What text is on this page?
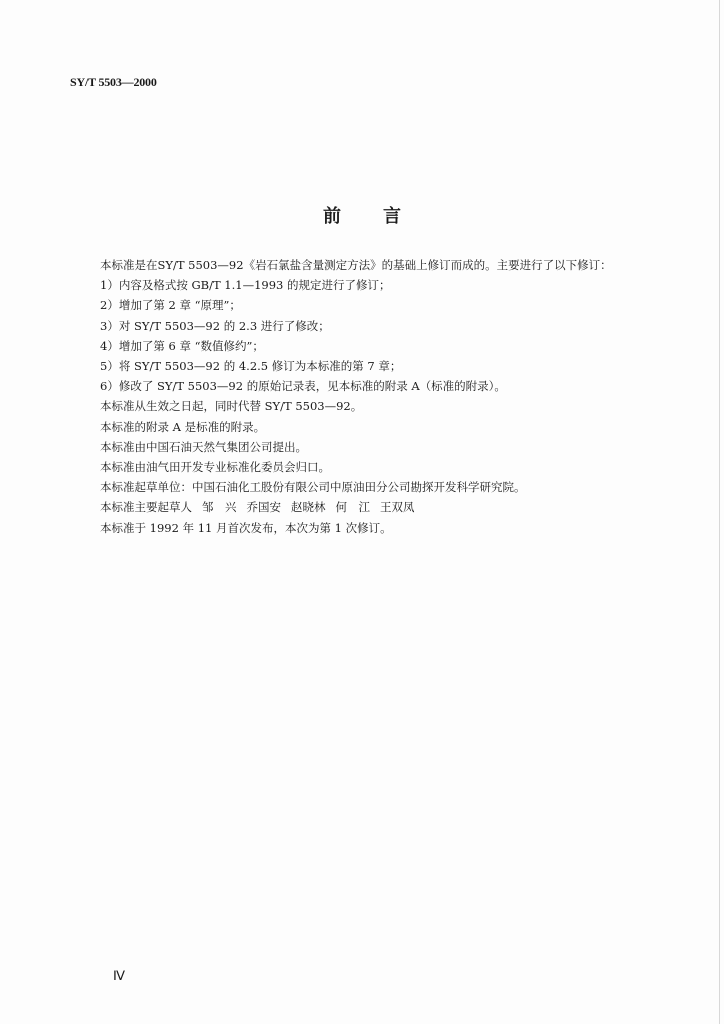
SY/T 5503—2000
前 言

本标准是在SY/T 5503—92《岩石氯盐含量测定方法》的基础上修订而成的。主要进行了以下修订：

1）内容及格式按 GB/T 1.1—1993 的规定进行了修订；

2）增加了第 2 章 “原理”；

3）对 SY/T 5503—92 的 2.3 进行了修改；

4）增加了第 6 章 “数值修约”；

5）将 SY/T 5503—92 的 4.2.5 修订为本标准的第 7 章；

6）修改了 SY/T 5503—92 的原始记录表，见本标准的附录 A（标准的附录）。

本标准从生效之日起，同时代替 SY/T 5503—92。

本标准的附录 A 是标准的附录。

本标准由中国石油天然气集团公司提出。

本标准由油气田开发专业标准化委员会归口。

本标准起草单位：中国石油化工股份有限公司中原油田分公司勘探开发科学研究院。

本标准主要起草人 邹　兴 乔国安 赵晓林 何　江 王双凤

本标准于 1992 年 11 月首次发布，本次为第 1 次修订。

Ⅳ
